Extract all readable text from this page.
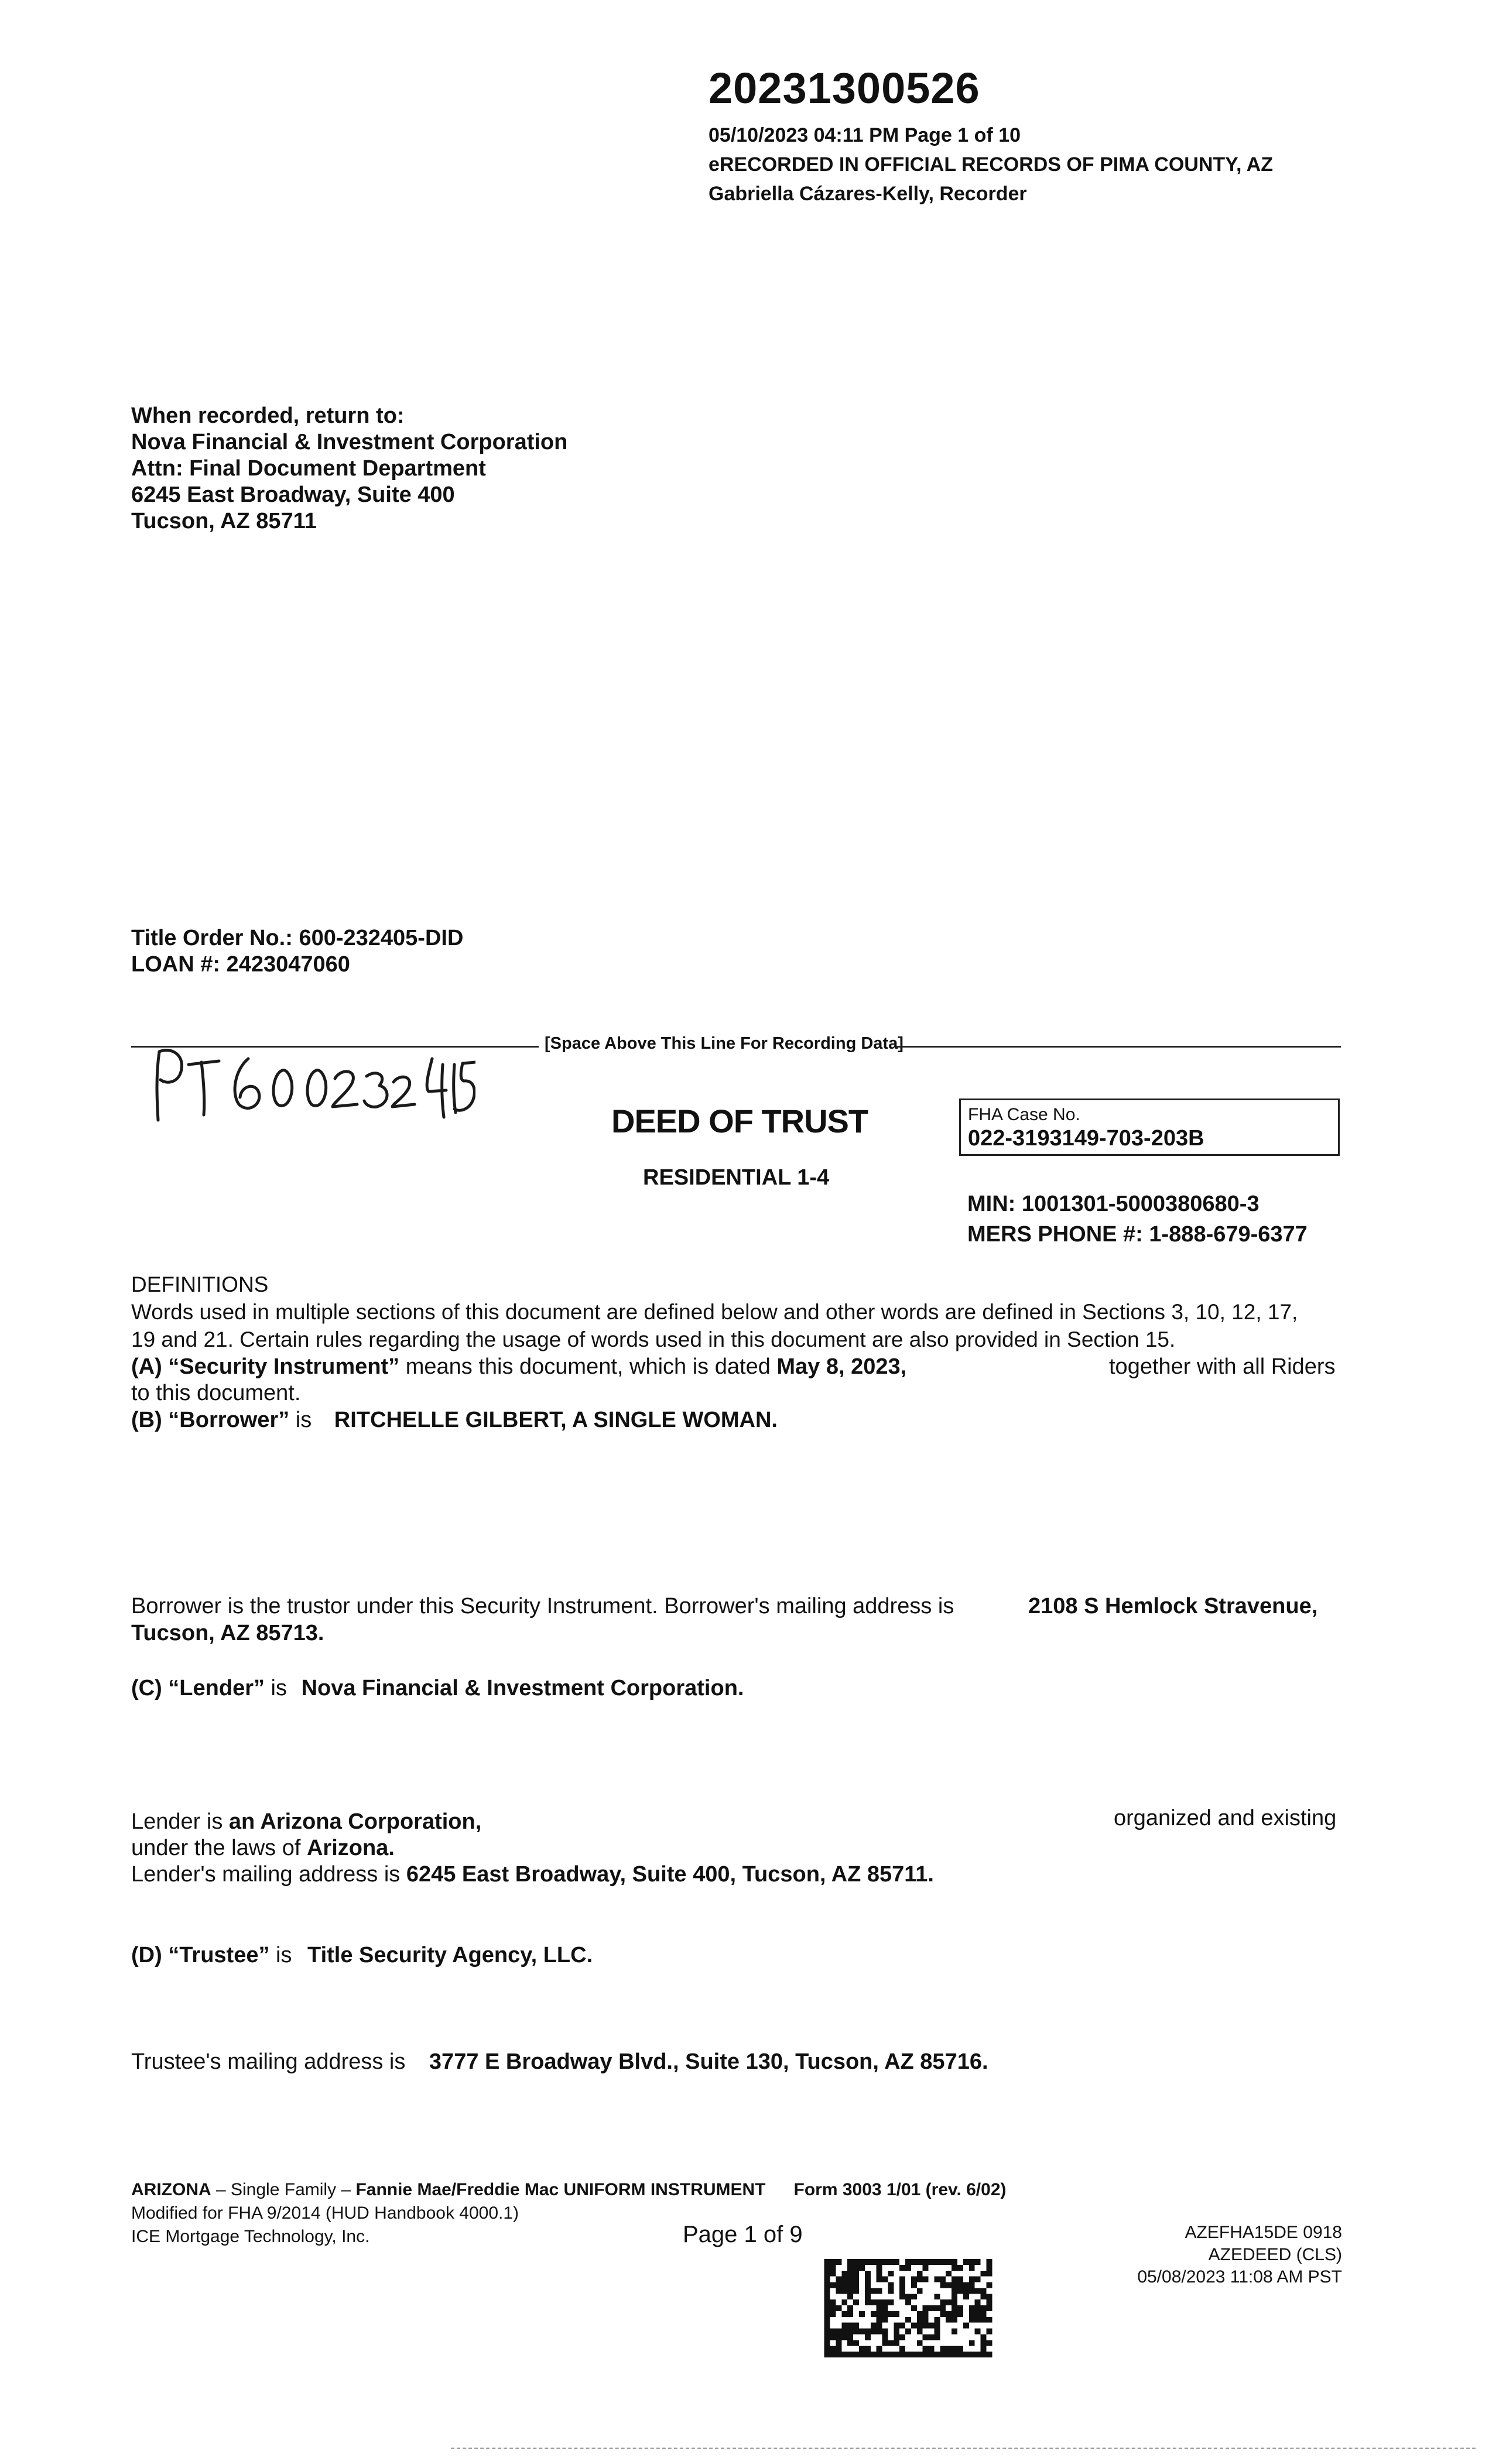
20231300526
05/10/2023 04:11 PM Page 1 of 10
eRECORDED IN OFFICIAL RECORDS OF PIMA COUNTY, AZ
Gabriella Cázares-Kelly, Recorder
When recorded, return to:
Nova Financial & Investment Corporation
Attn: Final Document Department
6245 East Broadway, Suite 400
Tucson, AZ 85711
Title Order No.: 600-232405-DID
LOAN #: 2423047060
[Space Above This Line For Recording Data]
DEED OF TRUST
RESIDENTIAL 1-4
FHA Case No.
022-3193149-703-203B
MIN: 1001301-5000380680-3
MERS PHONE #: 1-888-679-6377
DEFINITIONS
Words used in multiple sections of this document are defined below and other words are defined in Sections 3, 10, 12, 17,
19 and 21. Certain rules regarding the usage of words used in this document are also provided in Section 15.
(A) “Security Instrument” means this document, which is dated May 8, 2023,	together with all Riders
to this document.
(B) “Borrower” is RITCHELLE GILBERT, A SINGLE WOMAN.
Borrower is the trustor under this Security Instrument. Borrower's mailing address is	2108 S Hemlock Stravenue,
Tucson, AZ 85713.
(C) “Lender” is Nova Financial & Investment Corporation.
Lender is an Arizona Corporation,	organized and existing
under the laws of Arizona.
Lender's mailing address is 6245 East Broadway, Suite 400, Tucson, AZ 85711.
(D) “Trustee” is Title Security Agency, LLC.
Trustee's mailing address is 3777 E Broadway Blvd., Suite 130, Tucson, AZ 85716.
ARIZONA – Single Family – Fannie Mae/Freddie Mac UNIFORM INSTRUMENT Form 3003 1/01 (rev. 6/02)
Modified for FHA 9/2014 (HUD Handbook 4000.1)
ICE Mortgage Technology, Inc.	Page 1 of 9	AZEFHA15DE 0918
AZEDEED (CLS)
05/08/2023 11:08 AM PST
